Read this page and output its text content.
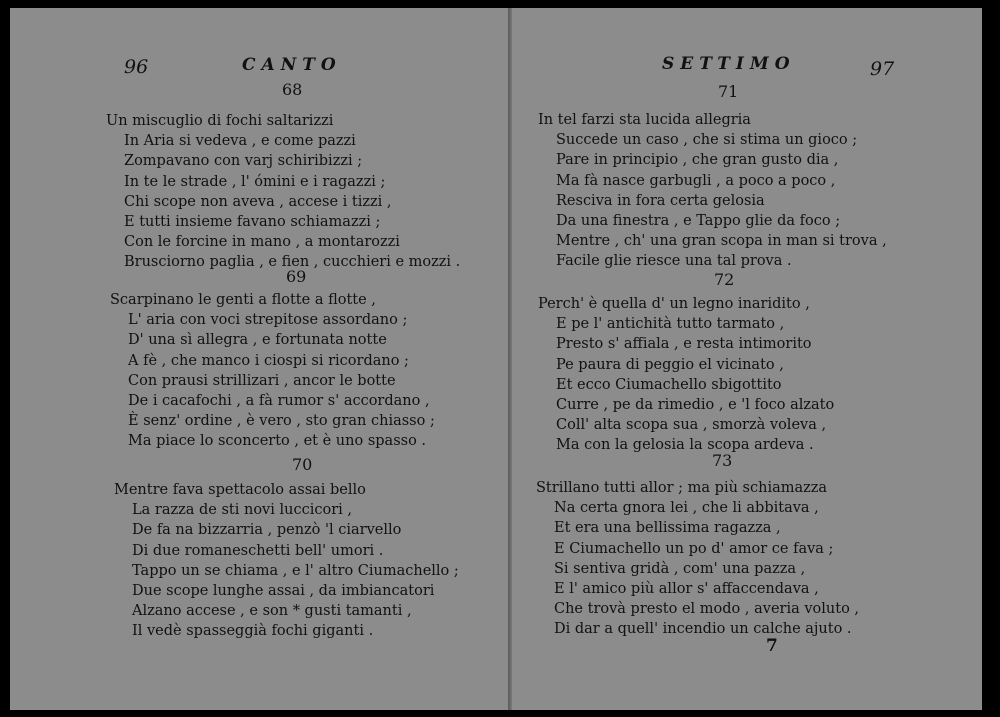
96	CANTO
68
Un miscuglio di fochi saltarizzi
In Aria si vedeva , e come pazzi
Zompavano con varj schiribizzi ;
In te le strade , l' ómini e i ragazzi ;
Chi scope non aveva , accese i tizzi ,
E tutti insieme favano schiamazzi ;
Con le forcine in mano , a montarozzi
Brusciorno paglia , e fien , cucchieri e mozzi .
69
Scarpinano le genti a flotte a flotte ,
L' aria con voci strepitose assordano ;
D' una sì allegra , e fortunata notte
A fè , che manco i ciospi si ricordano ;
Con prausi strillizari , ancor le botte
De i cacafochi , a fà rumor s' accordano ,
È senz' ordine , è vero , sto gran chiasso ;
Ma piace lo sconcerto , et è uno spasso .
70
Mentre fava spettacolo assai bello
La razza de sti novi luccicori ,
De fa na bizzarria , penzò 'l ciarvello
Di due romaneschetti bell' umori .
Tappo un se chiama , e l' altro Ciumachello ;
Due scope lunghe assai , da imbiancatori
Alzano accese , e son * gusti tamanti ,
Il vedè spasseggià fochi giganti .
SETTIMO	97
71
In tel farzi sta lucida allegria
Succede un caso , che si stima un gioco ;
Pare in principio , che gran gusto dia ,
Ma fà nasce garbugli , a poco a poco ,
Resciva in fora certa gelosia
Da una finestra , e Tappo glie da foco ;
Mentre , ch' una gran scopa in man si trova ,
Facile glie riesce una tal prova .
72
Perch' è quella d' un legno inaridito ,
E pe l' antichità tutto tarmato ,
Presto s' affiala , e resta intimorito
Pe paura di peggio el vicinato ,
Et ecco Ciumachello sbigottito
Curre , pe da rimedio , e 'l foco alzato
Coll' alta scopa sua , smorzà voleva ,
Ma con la gelosia la scopa ardeva .
73
Strillano tutti allor ; ma più schiamazza
Na certa gnora lei , che li abbitava ,
Et era una bellissima ragazza ,
E Ciumachello un po d' amor ce fava ;
Si sentiva gridà , com' una pazza ,
E l' amico più allor s' affaccendava ,
Che trovà presto el modo , averia voluto ,
Di dar a quell' incendio un calche ajuto .
7
